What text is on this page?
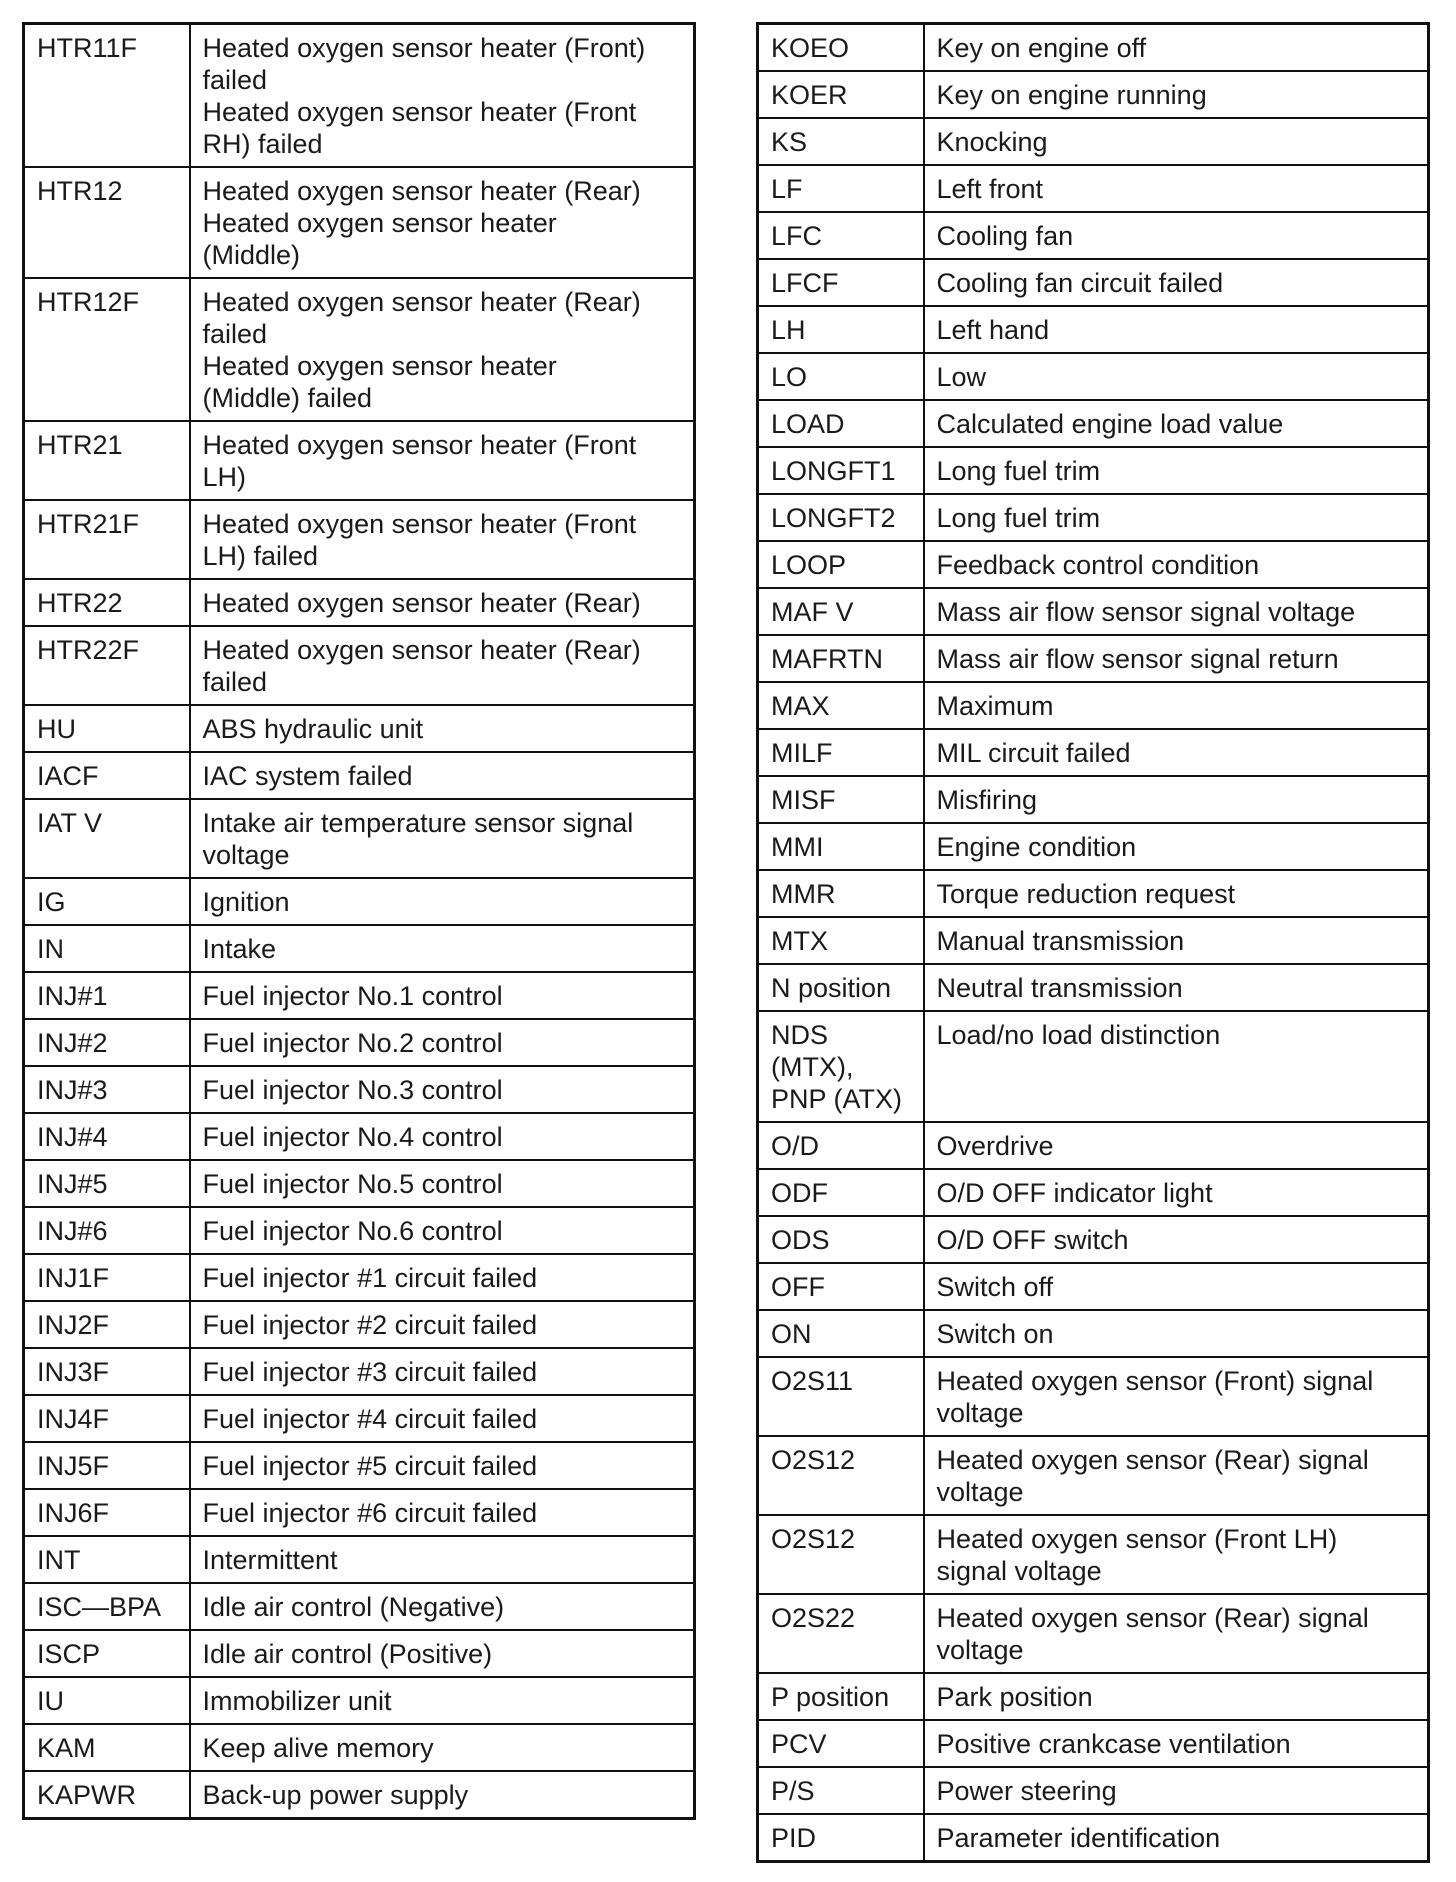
HTR11F	Heated oxygen sensor heater (Front)
failed
Heated oxygen sensor heater (Front
RH) failed

HTR12	Heated oxygen sensor heater (Rear)
Heated oxygen sensor heater
(Middle)

HTR12F	Heated oxygen sensor heater (Rear)
failed
Heated oxygen sensor heater
(Middle) failed

HTR21	Heated oxygen sensor heater (Front
LH)

HTR21F	Heated oxygen sensor heater (Front
LH) failed

HTR22	Heated oxygen sensor heater (Rear)

HTR22F	Heated oxygen sensor heater (Rear)
failed

HU	ABS hydraulic unit

IACF	IAC system failed

IAT V	Intake air temperature sensor signal
voltage

IG	Ignition

IN	Intake

INJ#1	Fuel injector No.1 control

INJ#2	Fuel injector No.2 control

INJ#3	Fuel injector No.3 control

INJ#4	Fuel injector No.4 control

INJ#5	Fuel injector No.5 control

INJ#6	Fuel injector No.6 control

INJ1F	Fuel injector #1 circuit failed

INJ2F	Fuel injector #2 circuit failed

INJ3F	Fuel injector #3 circuit failed

INJ4F	Fuel injector #4 circuit failed

INJ5F	Fuel injector #5 circuit failed

INJ6F	Fuel injector #6 circuit failed

INT	Intermittent

ISC—BPA	Idle air control (Negative)

ISCP	Idle air control (Positive)

IU	Immobilizer unit

KAM	Keep alive memory

KAPWR	Back-up power supply
KOEO	Key on engine off

KOER	Key on engine running

KS	Knocking

LF	Left front

LFC	Cooling fan

LFCF	Cooling fan circuit failed

LH	Left hand

LO	Low

LOAD	Calculated engine load value

LONGFT1	Long fuel trim

LONGFT2	Long fuel trim

LOOP	Feedback control condition

MAF V	Mass air flow sensor signal voltage

MAFRTN	Mass air flow sensor signal return

MAX	Maximum

MILF	MIL circuit failed

MISF	Misfiring

MMI	Engine condition

MMR	Torque reduction request

MTX	Manual transmission

N position	Neutral transmission

NDS (MTX),
PNP (ATX)	Load/no load distinction

O/D	Overdrive

ODF	O/D OFF indicator light

ODS	O/D OFF switch

OFF	Switch off

ON	Switch on

O2S11	Heated oxygen sensor (Front) signal
voltage

O2S12	Heated oxygen sensor (Rear) signal
voltage

O2S12	Heated oxygen sensor (Front LH)
signal voltage

O2S22	Heated oxygen sensor (Rear) signal
voltage

P position	Park position

PCV	Positive crankcase ventilation

P/S	Power steering

PID	Parameter identification
